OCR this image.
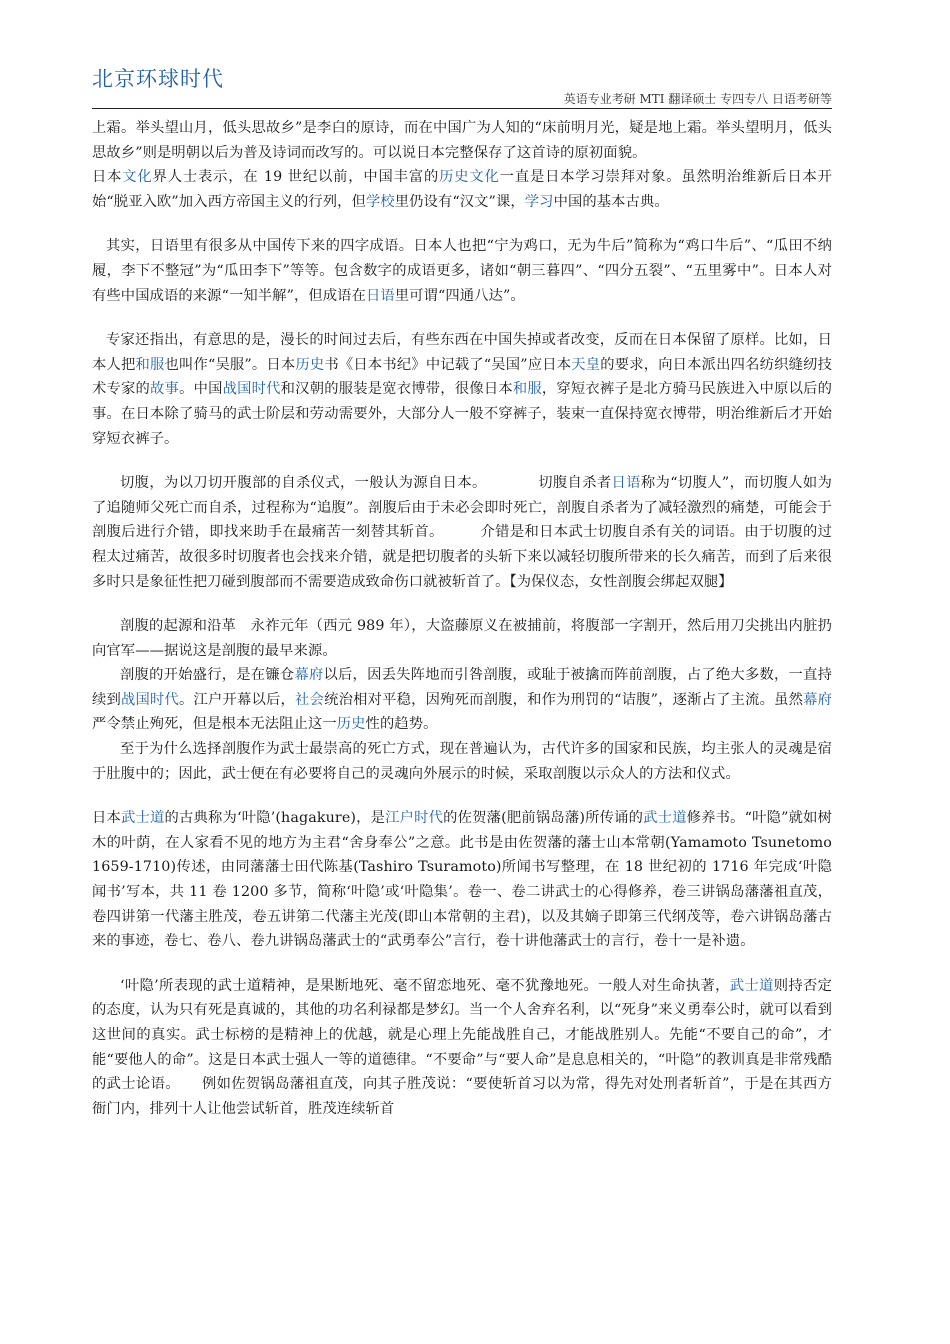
北京环球时代
英语专业考研 MTI 翻译硕士 专四专八 日语考研等

上霜。举头望山月，低头思故乡”是李白的原诗，而在中国广为人知的“床前明月光，疑是地上霜。举头望明月，低头思故乡”则是明朝以后为普及诗词而改写的。可以说日本完整保存了这首诗的原初面貌。

日本文化界人士表示，在 19 世纪以前，中国丰富的历史文化一直是日本学习崇拜对象。虽然明治维新后日本开始“脱亚入欧”加入西方帝国主义的行列，但学校里仍设有“汉文”课，学习中国的基本古典。

其实，日语里有很多从中国传下来的四字成语。日本人也把“宁为鸡口，无为牛后”简称为“鸡口牛后”、“瓜田不纳履，李下不整冠”为“瓜田李下”等等。包含数字的成语更多，诸如“朝三暮四”、“四分五裂”、“五里雾中”。日本人对有些中国成语的来源“一知半解”，但成语在日语里可谓“四通八达”。

专家还指出，有意思的是，漫长的时间过去后，有些东西在中国失掉或者改变，反而在日本保留了原样。比如，日本人把和服也叫作“吴服”。日本历史书《日本书纪》中记载了“吴国”应日本天皇的要求，向日本派出四名纺织缝纫技术专家的故事。中国战国时代和汉朝的服装是宽衣博带，很像日本和服，穿短衣裤子是北方骑马民族进入中原以后的事。在日本除了骑马的武士阶层和劳动需要外，大部分人一般不穿裤子，装束一直保持宽衣博带，明治维新后才开始穿短衣裤子。

切腹，为以刀切开腹部的自杀仪式，一般认为源自日本。　　　　切腹自杀者日语称为“切腹人”，而切腹人如为了追随师父死亡而自杀，过程称为“追腹”。剖腹后由于未必会即时死亡，剖腹自杀者为了减轻激烈的痛楚，可能会于剖腹后进行介错，即找来助手在最痛苦一刻替其斩首。　　　介错是和日本武士切腹自杀有关的词语。由于切腹的过程太过痛苦，故很多时切腹者也会找来介错，就是把切腹者的头斩下来以减轻切腹所带来的长久痛苦，而到了后来很多时只是象征性把刀碰到腹部而不需要造成致命伤口就被斩首了。【为保仪态，女性剖腹会绑起双腿】

剖腹的起源和沿革　永祚元年（西元 989 年），大盗藤原义在被捕前，将腹部一字割开，然后用刀尖挑出内脏扔向官军——据说这是剖腹的最早来源。

剖腹的开始盛行，是在镰仓幕府以后，因丢失阵地而引咎剖腹，或耻于被擒而阵前剖腹，占了绝大多数，一直持续到战国时代。江户开幕以后，社会统治相对平稳，因殉死而剖腹，和作为刑罚的“诘腹”，逐渐占了主流。虽然幕府严令禁止殉死，但是根本无法阻止这一历史性的趋势。

至于为什么选择剖腹作为武士最崇高的死亡方式，现在普遍认为，古代许多的国家和民族，均主张人的灵魂是宿于肚腹中的；因此，武士便在有必要将自己的灵魂向外展示的时候，采取剖腹以示众人的方法和仪式。

日本武士道的古典称为‘叶隐’(hagakure)，是江户时代的佐贺藩(肥前锅岛藩)所传诵的武士道修养书。“叶隐”就如树木的叶荫，在人家看不见的地方为主君“舍身奉公”之意。此书是由佐贺藩的藩士山本常朝(Yamamoto Tsunetomo 1659-1710)传述，由同藩藩士田代陈基(Tashiro Tsuramoto)所闻书写整理，在 18 世纪初的 1716 年完成‘叶隐闻书’写本，共 11 卷 1200 多节，简称‘叶隐’或‘叶隐集’。卷一、卷二讲武士的心得修养，卷三讲锅岛藩藩祖直茂，卷四讲第一代藩主胜茂，卷五讲第二代藩主光茂(即山本常朝的主君)，以及其嫡子即第三代纲茂等，卷六讲锅岛藩古来的事迹，卷七、卷八、卷九讲锅岛藩武士的“武勇奉公”言行，卷十讲他藩武士的言行，卷十一是补遗。

‘叶隐’所表现的武士道精神，是果断地死、毫不留恋地死、毫不犹豫地死。一般人对生命执著，武士道则持否定的态度，认为只有死是真诚的，其他的功名利禄都是梦幻。当一个人舍弃名利，以“死身”来义勇奉公时，就可以看到这世间的真实。武士标榜的是精神上的优越，就是心理上先能战胜自己，才能战胜别人。先能“不要自己的命”，才能“要他人的命”。这是日本武士强人一等的道德律。“不要命”与“要人命”是息息相关的，“叶隐”的教训真是非常残酷的武士论语。　　例如佐贺锅岛藩祖直茂，向其子胜茂说：“要使斩首习以为常，得先对处刑者斩首”，于是在其西方衙门内，排列十人让他尝试斩首，胜茂连续斩首
